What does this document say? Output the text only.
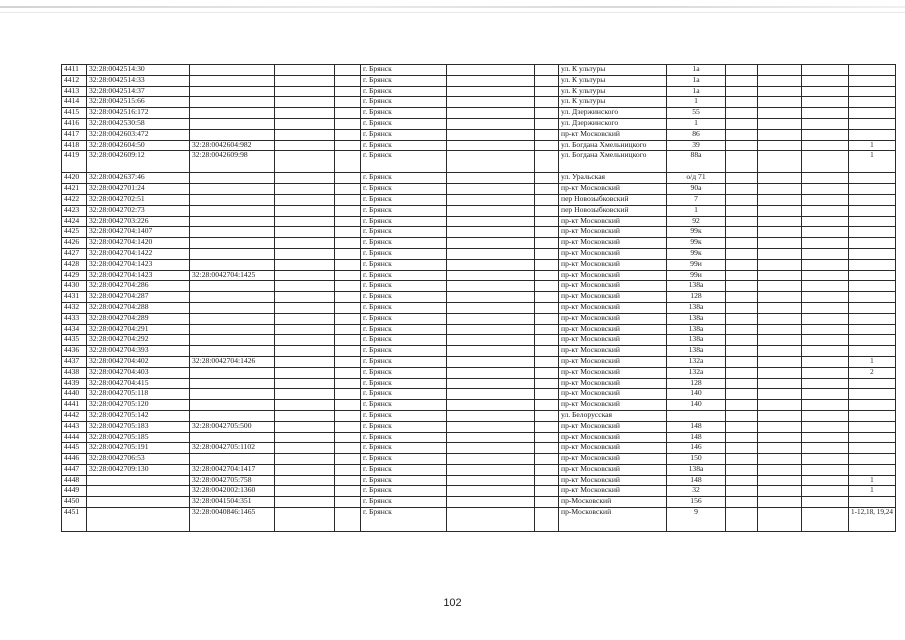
4411	32:28:0042514:30				г. Брянск			ул. К ультуры	1а				
4412	32:28:0042514:33				г. Брянск			ул. К ультуры	1а				
4413	32:28:0042514:37				г. Брянск			ул. К ультуры	1а				
4414	32:28:0042515:66				г. Брянск			ул. К ультуры	1				
4415	32:28:0042516:172				г. Брянск			ул. Дзержинского	55				
4416	32:28:0042530:58				г. Брянск			ул. Дзержинского	1				
4417	32:28:0042603:472				г. Брянск			пр-кт Московский	86				
4418	32:28:0042604:50	32:28:0042604:982			г. Брянск			ул. Богдана Хмельницкого	39				1
4419	32:28:0042609:12	32:28:0042609:98			г. Брянск			ул. Богдана Хмельницкого	88а				1
4420	32:28:0042637:46				г. Брянск			ул. Уральская	о/д 71				
4421	32:28:0042701:24				г. Брянск			пр-кт Московский	90а				
4422	32:28:0042702:51				г. Брянск			пер Новозыбковский	7				
4423	32:28:0042702:73				г. Брянск			пер Новозыбковский	1				
4424	32:28:0042703:226				г. Брянск			пр-кт Московский	92				
4425	32:28:0042704:1407				г. Брянск			пр-кт Московский	99к				
4426	32:28:0042704:1420				г. Брянск			пр-кт Московский	99к				
4427	32:28:0042704:1422				г. Брянск			пр-кт Московский	99к				
4428	32:28:0042704:1423				г. Брянск			пр-кт Московский	99и				
4429	32:28:0042704:1423	32:28:0042704:1425			г. Брянск			пр-кт Московский	99и				
4430	32:28:0042704:286				г. Брянск			пр-кт Московский	138а				
4431	32:28:0042704:287				г. Брянск			пр-кт Московский	128				
4432	32:28:0042704:288				г. Брянск			пр-кт Московский	138а				
4433	32:28:0042704:289				г. Брянск			пр-кт Московский	138а				
4434	32:28:0042704:291				г. Брянск			пр-кт Московский	138а				
4435	32:28:0042704:292				г. Брянск			пр-кт Московский	138а				
4436	32:28:0042704:393				г. Брянск			пр-кт Московский	138а				
4437	32:28:0042704:402	32:28:0042704:1426			г. Брянск			пр-кт Московский	132а				1
4438	32:28:0042704:403				г. Брянск			пр-кт Московский	132а				2
4439	32:28:0042704:415				г. Брянск			пр-кт Московский	128				
4440	32:28:0042705:118				г. Брянск			пр-кт Московский	140				
4441	32:28:0042705:120				г. Брянск			пр-кт Московский	140				
4442	32:28:0042705:142				г. Брянск			ул. Белорусская					
4443	32:28:0042705:183	32:28:0042705:500			г. Брянск			пр-кт Московский	148				
4444	32:28:0042705:185				г. Брянск			пр-кт Московский	148				
4445	32:28:0042705:191	32:28:0042705:1102			г. Брянск			пр-кт Московский	146				
4446	32:28:0042706:53				г. Брянск			пр-кт Московский	150				
4447	32:28:0042709:130	32:28:0042704:1417			г. Брянск			пр-кт Московский	138а				
4448		32:28:0042705:758			г. Брянск			пр-кт Московский	148				1
4449		32:28:0042002:1360			г. Брянск			пр-кт Московский	32				1
4450		32:28:0041504:351			г. Брянск			пр-Московский	156				
4451		32:28:0040846:1465			г. Брянск			пр-Московский	9				1-12,18, 19,24
102
